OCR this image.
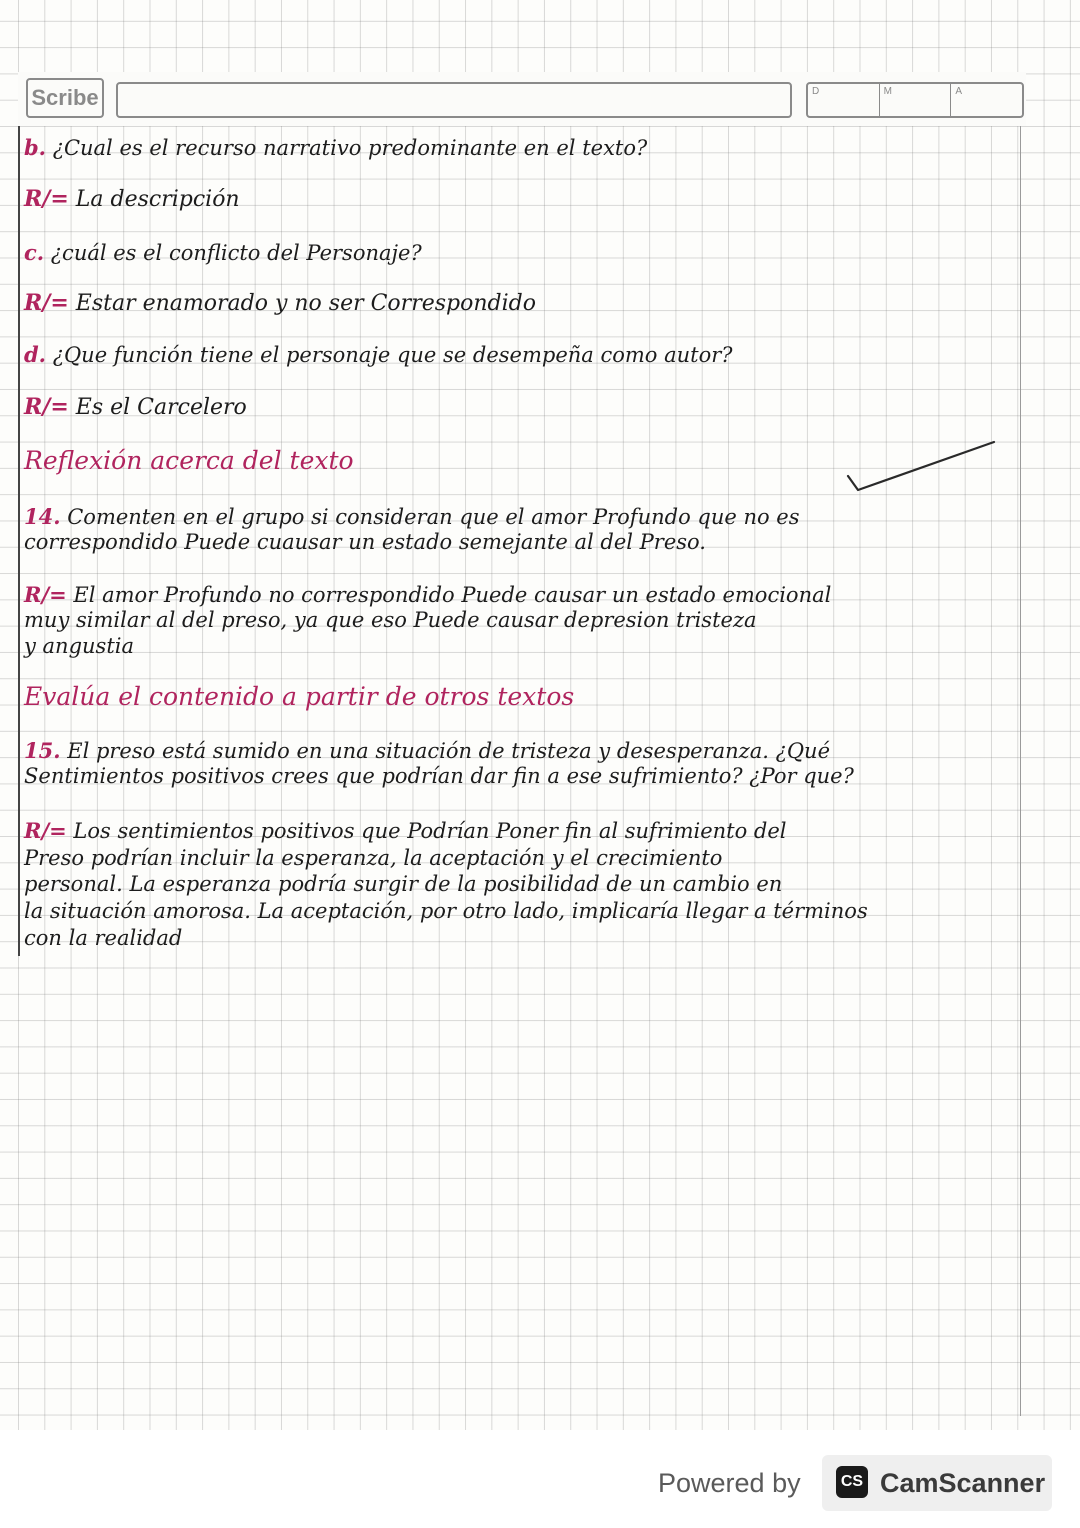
Scribe	D	M	A

b. ¿Cual es el recurso narrativo predominante en el texto?

R/= La descripción

c. ¿cuál es el conflicto del Personaje?

R/= Estar enamorado y no ser Correspondido

d. ¿Que función tiene el personaje que se desempeña como autor?

R/= Es el Carcelero

Reflexión acerca del texto

14. Comenten en el grupo si consideran que el amor Profundo que no es

correspondido Puede cuausar un estado semejante al del Preso.

R/= El amor Profundo no correspondido Puede causar un estado emocional

muy similar al del preso, ya que eso Puede causar depresion tristeza

y angustia

Evalúa el contenido a partir de otros textos

15. El preso está sumido en una situación de tristeza y desesperanza. ¿Qué

Sentimientos positivos crees que podrían dar fin a ese sufrimiento? ¿Por que?

R/= Los sentimientos positivos que Podrían Poner fin al sufrimiento del

Preso podrían incluir la esperanza, la aceptación y el crecimiento

personal. La esperanza podría surgir de la posibilidad de un cambio en

la situación amorosa. La aceptación, por otro lado, implicaría llegar a términos

con la realidad

Powered by	CS CamScanner
